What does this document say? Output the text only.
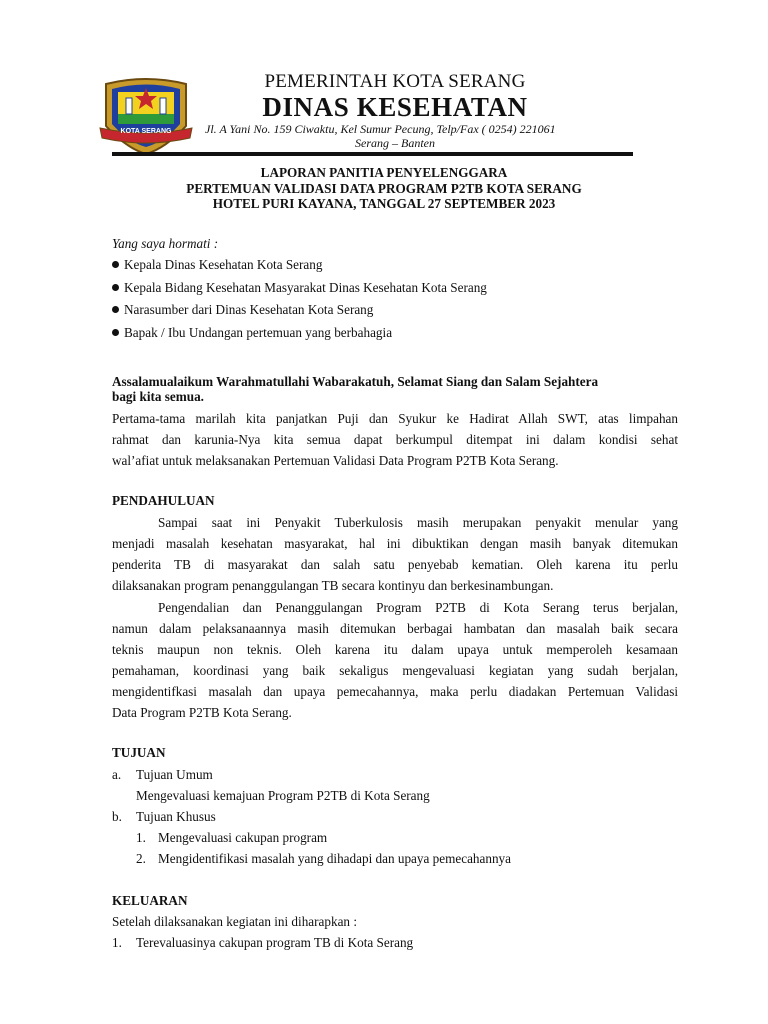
KOTA SERANG
PEMERINTAH KOTA SERANG
DINAS KESEHATAN
Jl. A Yani No. 159 Ciwaktu, Kel Sumur Pecung, Telp/Fax ( 0254) 221061
Serang – Banten
LAPORAN PANITIA PENYELENGGARA
PERTEMUAN VALIDASI DATA PROGRAM P2TB KOTA SERANG
HOTEL PURI KAYANA, TANGGAL 27 SEPTEMBER 2023
Yang saya hormati :
Kepala Dinas Kesehatan Kota Serang
Kepala Bidang Kesehatan Masyarakat Dinas Kesehatan Kota Serang
Narasumber dari Dinas Kesehatan Kota Serang
Bapak / Ibu Undangan pertemuan yang berbahagia
Assalamualaikum Warahmatullahi Wabarakatuh, Selamat Siang dan Salam Sejahtera
bagi kita semua.
Pertama-tama marilah kita panjatkan Puji dan Syukur ke Hadirat Allah SWT, atas limpahan
rahmat dan karunia-Nya kita semua dapat berkumpul ditempat ini dalam kondisi sehat
wal’afiat untuk melaksanakan Pertemuan Validasi Data Program P2TB Kota Serang.
PENDAHULUAN
Sampai saat ini Penyakit Tuberkulosis masih merupakan penyakit menular yang
menjadi masalah kesehatan masyarakat, hal ini dibuktikan dengan masih banyak ditemukan
penderita TB di masyarakat dan salah satu penyebab kematian. Oleh karena itu perlu
dilaksanakan program penanggulangan TB secara kontinyu dan berkesinambungan.
Pengendalian dan Penanggulangan Program P2TB di Kota Serang terus berjalan,
namun dalam pelaksanaannya masih ditemukan berbagai hambatan dan masalah baik secara
teknis maupun non teknis. Oleh karena itu dalam upaya untuk memperoleh kesamaan
pemahaman, koordinasi yang baik sekaligus mengevaluasi kegiatan yang sudah berjalan,
mengidentifkasi masalah dan upaya pemecahannya, maka perlu diadakan Pertemuan Validasi
Data Program P2TB Kota Serang.
TUJUAN
a. Tujuan Umum
Mengevaluasi kemajuan Program P2TB di Kota Serang
b. Tujuan Khusus
1. Mengevaluasi cakupan program
2. Mengidentifikasi masalah yang dihadapi dan upaya pemecahannya
KELUARAN
Setelah dilaksanakan kegiatan ini diharapkan :
1. Terevaluasinya cakupan program TB di Kota Serang
